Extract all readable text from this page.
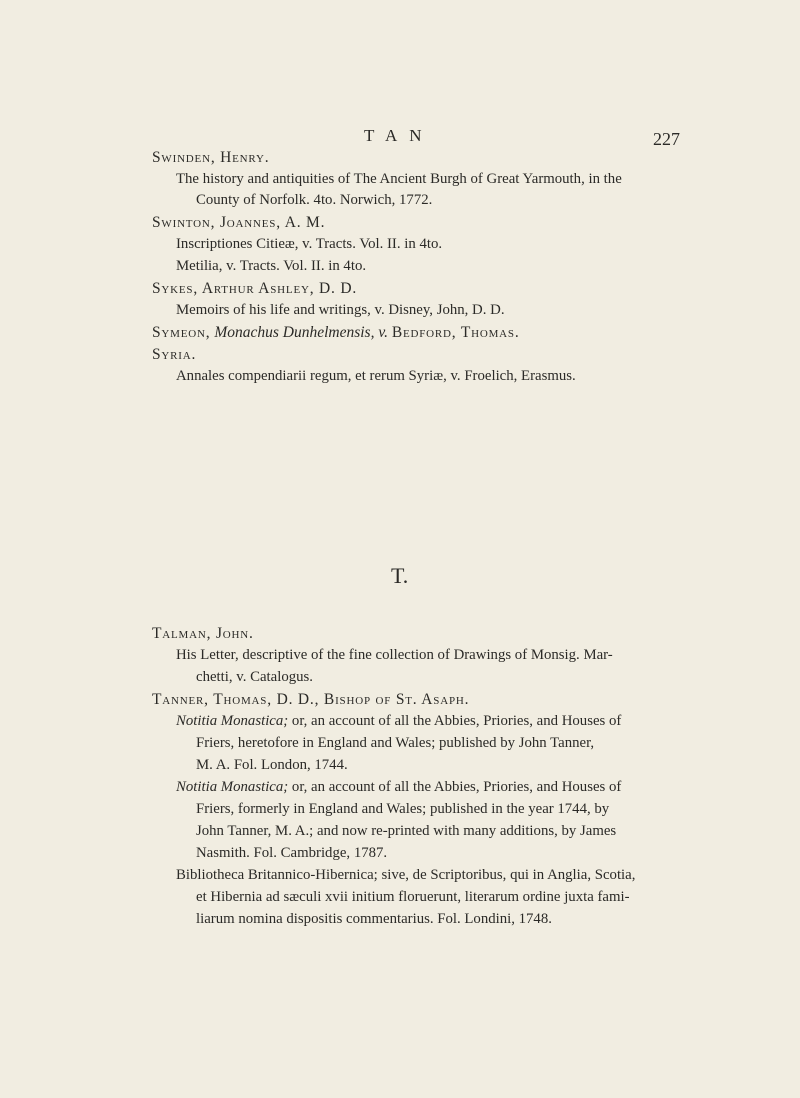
TAN	227
Swinden, Henry.
The history and antiquities of The Ancient Burgh of Great Yarmouth, in the
County of Norfolk. 4to. Norwich, 1772.
Swinton, Joannes, A. M.
Inscriptiones Citieæ, v. Tracts. Vol. II. in 4to.
Metilia, v. Tracts. Vol. II. in 4to.
Sykes, Arthur Ashley, D. D.
Memoirs of his life and writings, v. Disney, John, D. D.
Symeon, Monachus Dunhelmensis, v. Bedford, Thomas.
Syria.
Annales compendiarii regum, et rerum Syriæ, v. Froelich, Erasmus.
T.
Talman, John.
His Letter, descriptive of the fine collection of Drawings of Monsig. Mar-
chetti, v. Catalogus.
Tanner, Thomas, D. D., Bishop of St. Asaph.
Notitia Monastica; or, an account of all the Abbies, Priories, and Houses of
Friers, heretofore in England and Wales; published by John Tanner,
M. A. Fol. London, 1744.
Notitia Monastica; or, an account of all the Abbies, Priories, and Houses of
Friers, formerly in England and Wales; published in the year 1744, by
John Tanner, M. A.; and now re-printed with many additions, by James
Nasmith. Fol. Cambridge, 1787.
Bibliotheca Britannico-Hibernica; sive, de Scriptoribus, qui in Anglia, Scotia,
et Hibernia ad sæculi xvii initium floruerunt, literarum ordine juxta fami-
liarum nomina dispositis commentarius. Fol. Londini, 1748.
